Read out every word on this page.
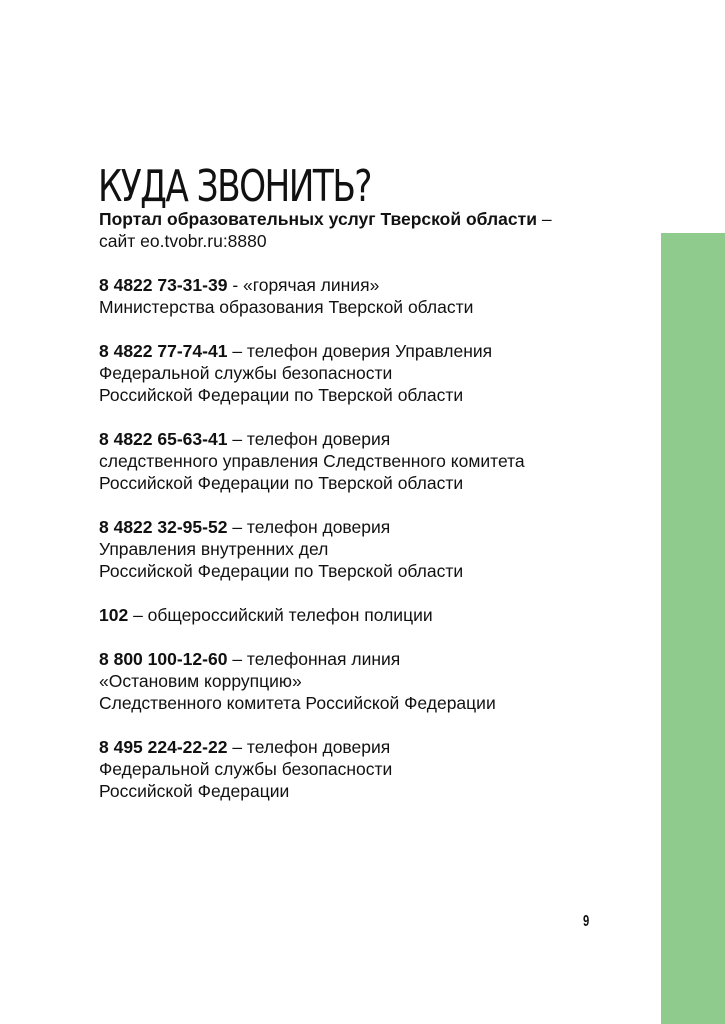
КУДА ЗВОНИТЬ?
Портал образовательных услуг Тверской области –
сайт eo.tvobr.ru:8880
8 4822 73-31-39 - «горячая линия»
Министерства образования Тверской области
8 4822 77-74-41 – телефон доверия Управления
Федеральной службы безопасности
Российской Федерации по Тверской области
8 4822 65-63-41 – телефон доверия
следственного управления Следственного комитета
Российской Федерации по Тверской области
8 4822 32-95-52 – телефон доверия
Управления внутренних дел
Российской Федерации по Тверской области
102 – общероссийский телефон полиции
8 800 100-12-60 – телефонная линия
«Остановим коррупцию»
Следственного комитета Российской Федерации
8 495 224-22-22 – телефон доверия
Федеральной службы безопасности
Российской Федерации
9
